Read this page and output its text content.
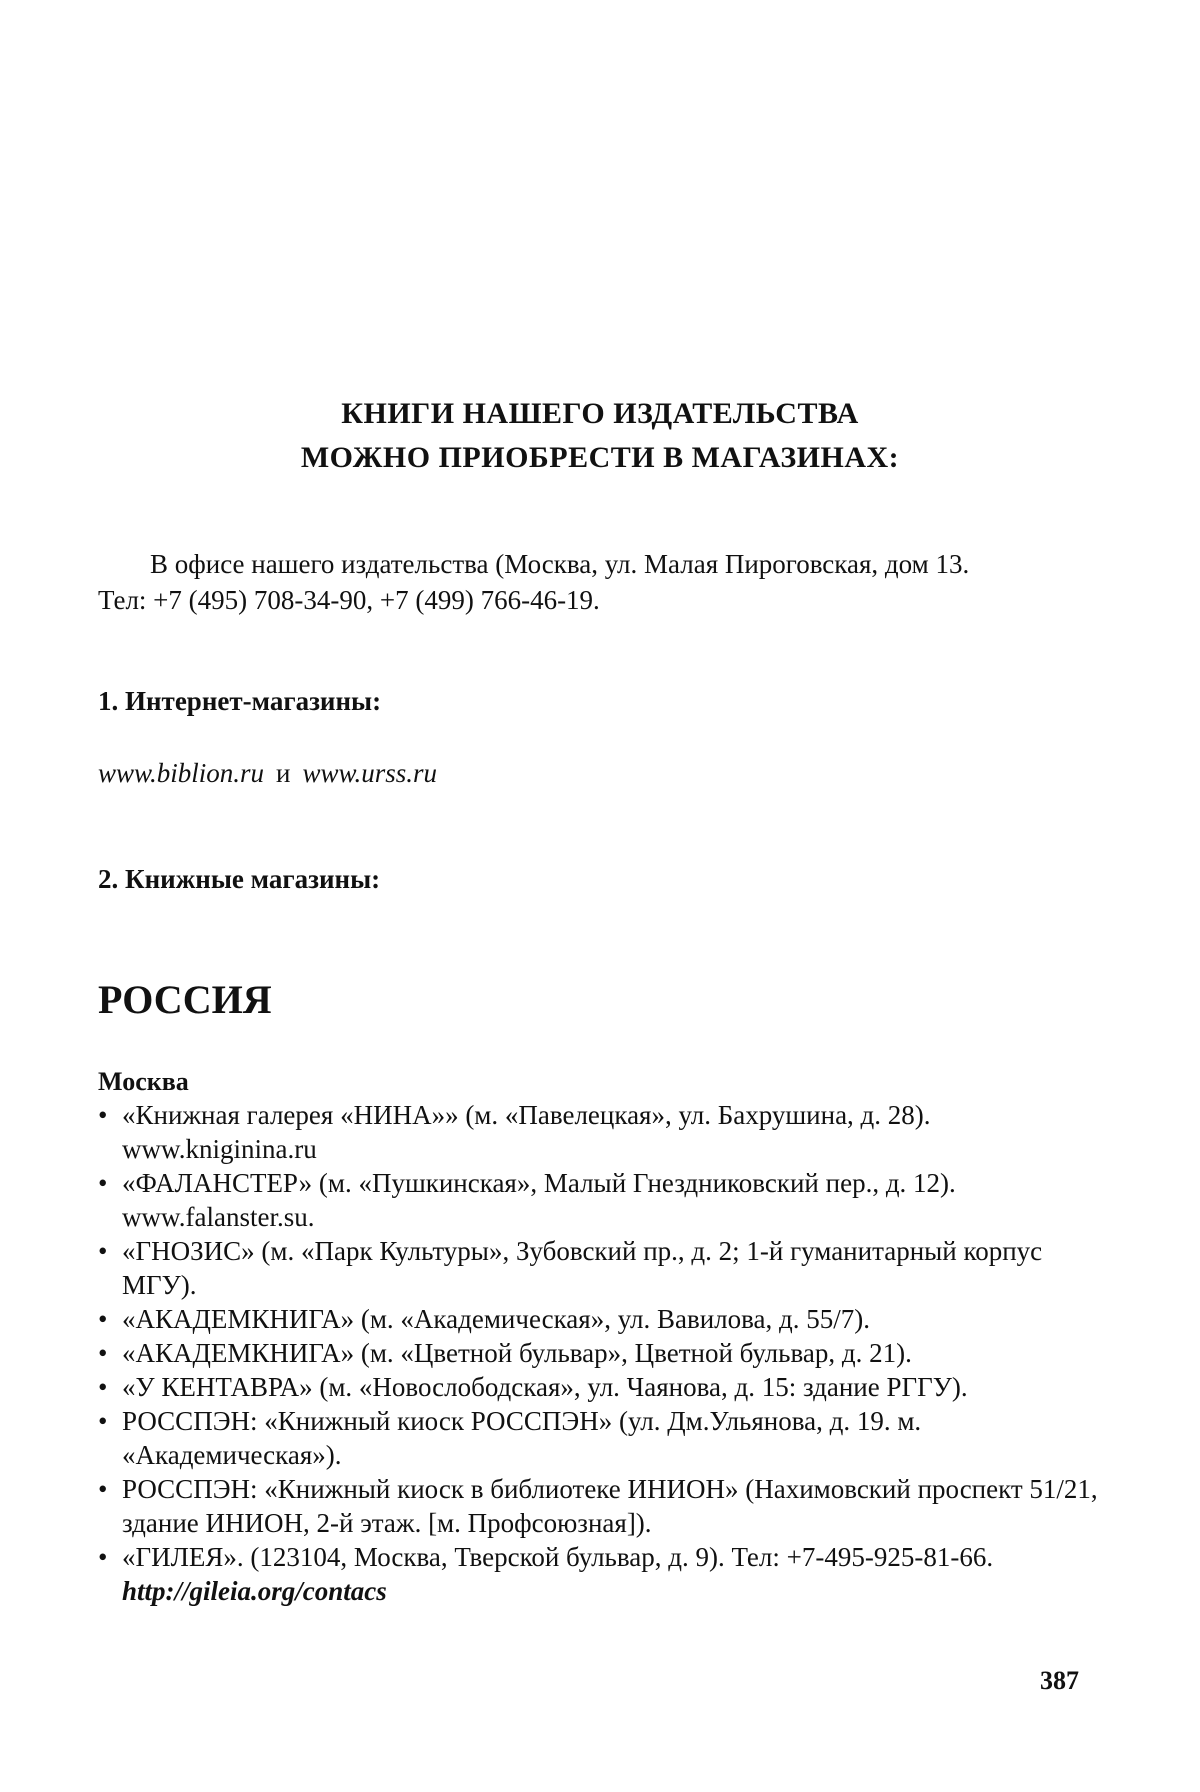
КНИГИ НАШЕГО ИЗДАТЕЛЬСТВА
МОЖНО ПРИОБРЕСТИ В МАГАЗИНАХ:
В офисе нашего издательства (Москва, ул. Малая Пироговская, дом 13.
Тел: +7 (495) 708-34-90, +7 (499) 766-46-19.
1. Интернет-магазины:
www.biblion.ru и www.urss.ru
2. Книжные магазины:
РОССИЯ
Москва
• «Книжная галерея «НИНА»» (м. «Павелецкая», ул. Бахрушина, д. 28). www.kniginina.ru
• «ФАЛАНСТЕР» (м. «Пушкинская», Малый Гнездниковский пер., д. 12). www.falanster.su.
• «ГНОЗИС» (м. «Парк Культуры», Зубовский пр., д. 2; 1-й гуманитарный корпус МГУ).
• «АКАДЕМКНИГА» (м. «Академическая», ул. Вавилова, д. 55/7).
• «АКАДЕМКНИГА» (м. «Цветной бульвар», Цветной бульвар, д. 21).
• «У КЕНТАВРА» (м. «Новослободская», ул. Чаянова, д. 15: здание РГГУ).
• РОССПЭН: «Книжный киоск РОССПЭН» (ул. Дм.Ульянова, д. 19. м. «Академическая»).
• РОССПЭН: «Книжный киоск в библиотеке ИНИОН» (Нахимовский проспект 51/21, здание ИНИОН, 2-й этаж. [м. Профсоюзная]).
• «ГИЛЕЯ». (123104, Москва, Тверской бульвар, д. 9). Тел: +7-495-925-81-66.
http://gileia.org/contacs
387
